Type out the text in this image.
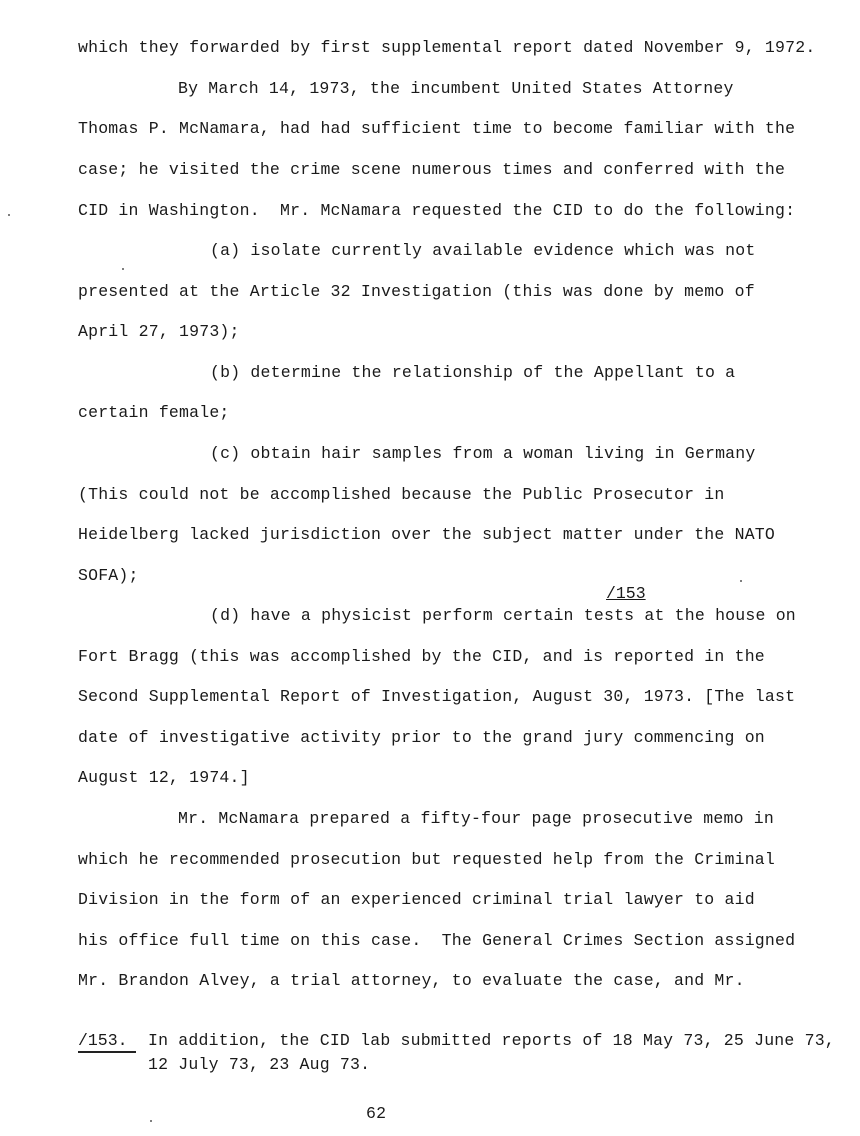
which they forwarded by first supplemental report dated November 9, 1972.
By March 14, 1973, the incumbent United States Attorney
Thomas P. McNamara, had had sufficient time to become familiar with the
case; he visited the crime scene numerous times and conferred with the
CID in Washington.  Mr. McNamara requested the CID to do the following:
(a) isolate currently available evidence which was not
presented at the Article 32 Investigation (this was done by memo of
April 27, 1973);
(b) determine the relationship of the Appellant to a
certain female;
(c) obtain hair samples from a woman living in Germany
(This could not be accomplished because the Public Prosecutor in
Heidelberg lacked jurisdiction over the subject matter under the NATO
SOFA);
/153
(d) have a physicist perform certain tests at the house on
Fort Bragg (this was accomplished by the CID, and is reported in the
Second Supplemental Report of Investigation, August 30, 1973. [The last
date of investigative activity prior to the grand jury commencing on
August 12, 1974.]
Mr. McNamara prepared a fifty-four page prosecutive memo in
which he recommended prosecution but requested help from the Criminal
Division in the form of an experienced criminal trial lawyer to aid
his office full time on this case.  The General Crimes Section assigned
Mr. Brandon Alvey, a trial attorney, to evaluate the case, and Mr.
/153. In addition, the CID lab submitted reports of 18 May 73, 25 June 73,
12 July 73, 23 Aug 73.
62
